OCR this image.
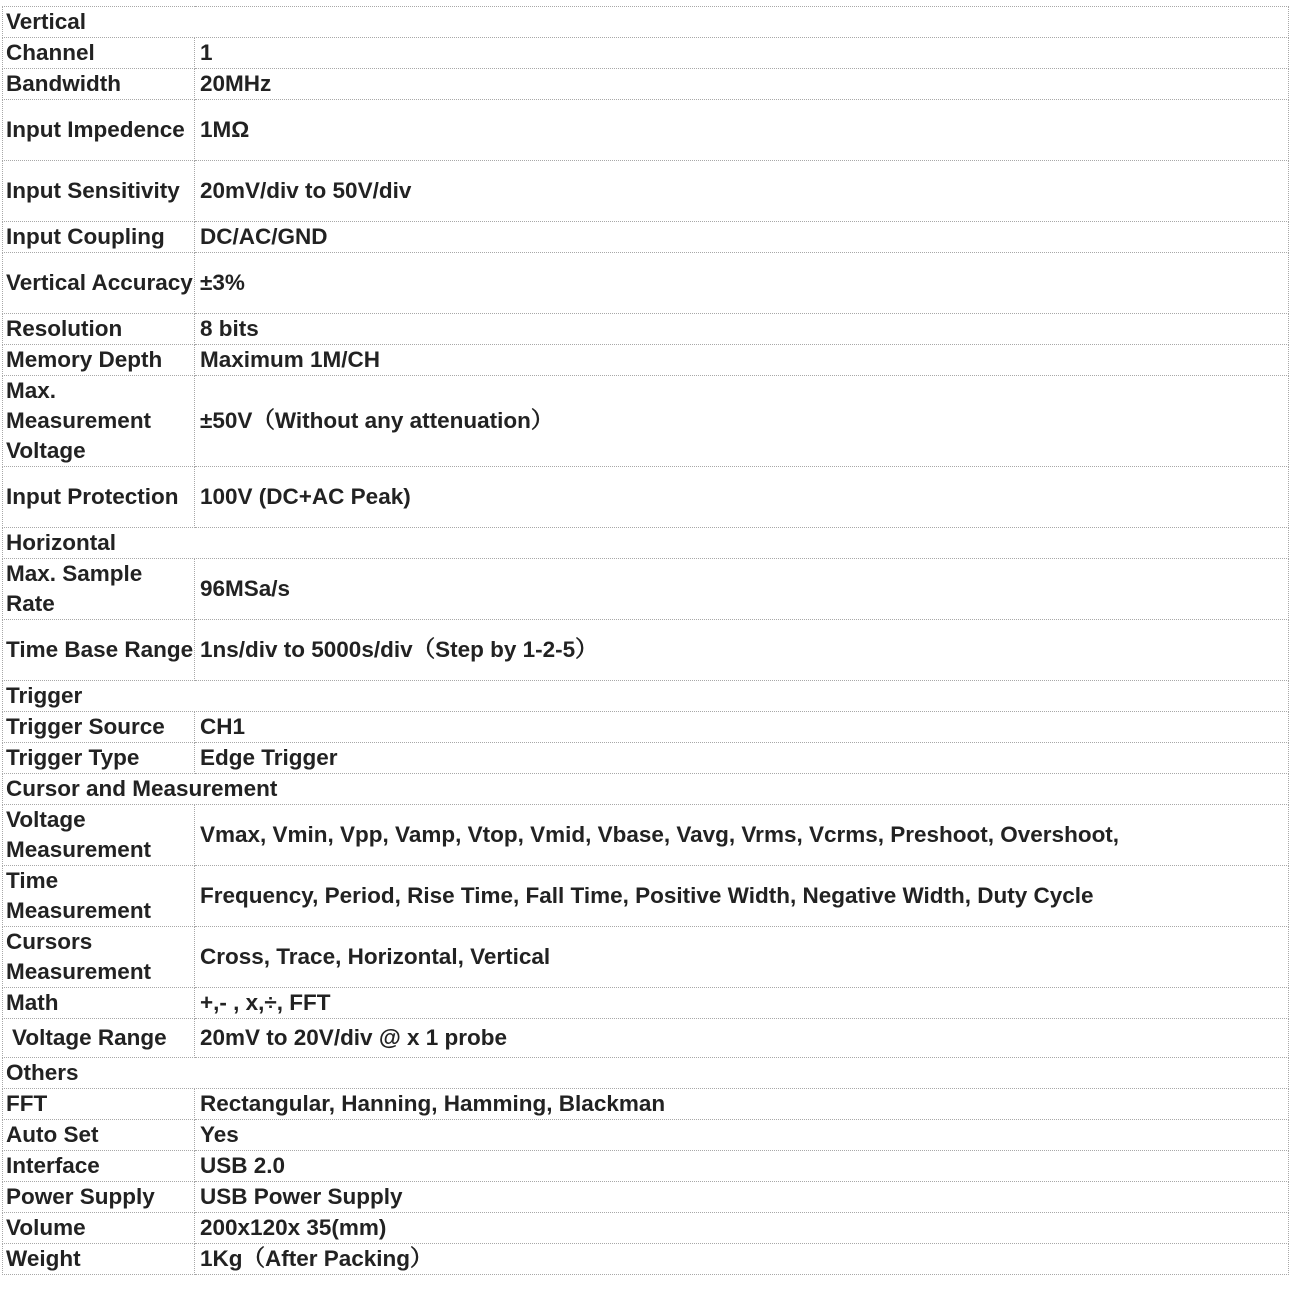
Vertical	
Channel	1
Bandwidth	20MHz
Input Impedence	1MΩ
Input Sensitivity	20mV/div to 50V/div
Input Coupling	DC/AC/GND
Vertical Accuracy	±3%
Resolution	8 bits
Memory Depth	Maximum 1M/CH
Max. Measurement Voltage	±50V（Without any attenuation）
Input Protection	100V (DC+AC Peak)
Horizontal	
Max. Sample Rate	96MSa/s
Time Base Range	1ns/div to 5000s/div（Step by 1-2-5）
Trigger	
Trigger Source	CH1
Trigger Type	Edge Trigger
Cursor and Measurement	
Voltage Measurement	Vmax, Vmin, Vpp, Vamp, Vtop, Vmid, Vbase, Vavg, Vrms, Vcrms, Preshoot, Overshoot,
Time Measurement	Frequency, Period, Rise Time, Fall Time, Positive Width, Negative Width, Duty Cycle
Cursors Measurement	Cross, Trace, Horizontal, Vertical
Math	+,- , x,÷, FFT
Voltage Range	20mV to 20V/div @ x 1 probe
Others	
FFT	Rectangular, Hanning, Hamming, Blackman
Auto Set	Yes
Interface	USB 2.0
Power Supply	USB Power Supply
Volume	200x120x 35(mm)
Weight	1Kg（After Packing）
